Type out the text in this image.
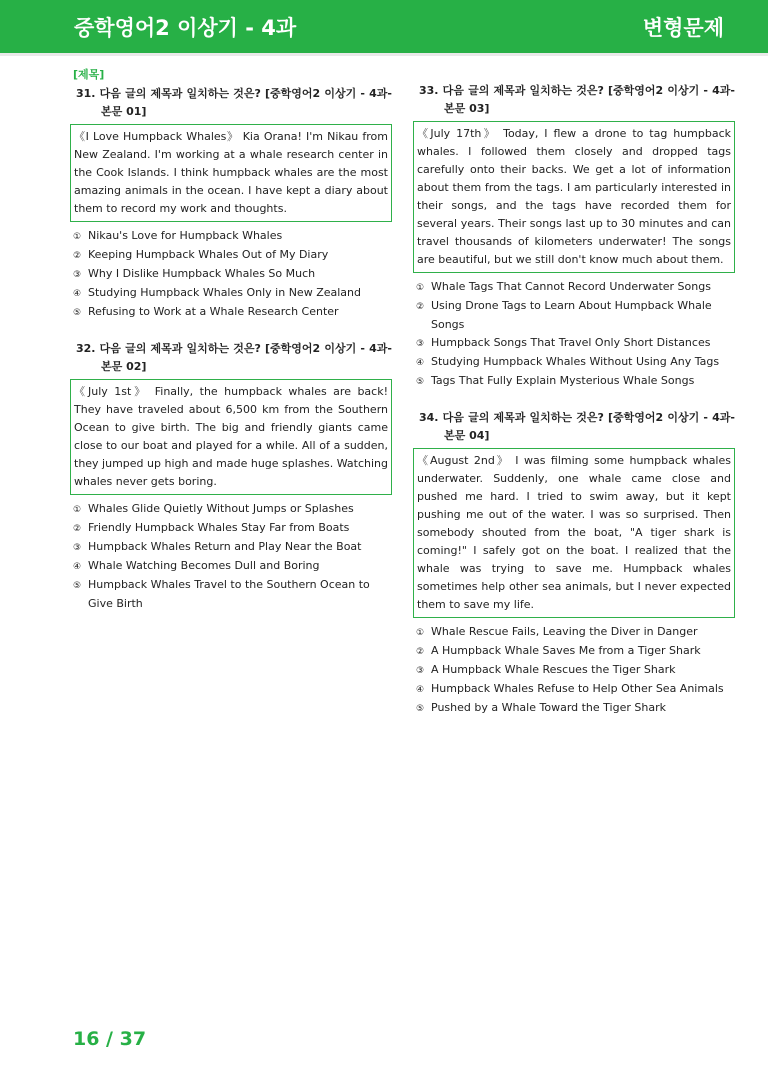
중학영어2 이상기 - 4과	변형문제
[제목]
31. 다음 글의 제목과 일치하는 것은? [중학영어2 이상기 - 4과-본문 01]
《I Love Humpback Whales》 Kia Orana! I'm Nikau from New Zealand. I'm working at a whale research center in the Cook Islands. I think humpback whales are the most amazing animals in the ocean. I have kept a diary about them to record my work and thoughts.
① Nikau's Love for Humpback Whales
② Keeping Humpback Whales Out of My Diary
③ Why I Dislike Humpback Whales So Much
④ Studying Humpback Whales Only in New Zealand
⑤ Refusing to Work at a Whale Research Center
32. 다음 글의 제목과 일치하는 것은? [중학영어2 이상기 - 4과-본문 02]
《July 1st》 Finally, the humpback whales are back! They have traveled about 6,500 km from the Southern Ocean to give birth. The big and friendly giants came close to our boat and played for a while. All of a sudden, they jumped up high and made huge splashes. Watching whales never gets boring.
① Whales Glide Quietly Without Jumps or Splashes
② Friendly Humpback Whales Stay Far from Boats
③ Humpback Whales Return and Play Near the Boat
④ Whale Watching Becomes Dull and Boring
⑤ Humpback Whales Travel to the Southern Ocean to Give Birth
33. 다음 글의 제목과 일치하는 것은? [중학영어2 이상기 - 4과-본문 03]
《July 17th》 Today, I flew a drone to tag humpback whales. I followed them closely and dropped tags carefully onto their backs. We get a lot of information about them from the tags. I am particularly interested in their songs, and the tags have recorded them for several years. Their songs last up to 30 minutes and can travel thousands of kilometers underwater! The songs are beautiful, but we still don't know much about them.
① Whale Tags That Cannot Record Underwater Songs
② Using Drone Tags to Learn About Humpback Whale Songs
③ Humpback Songs That Travel Only Short Distances
④ Studying Humpback Whales Without Using Any Tags
⑤ Tags That Fully Explain Mysterious Whale Songs
34. 다음 글의 제목과 일치하는 것은? [중학영어2 이상기 - 4과-본문 04]
《August 2nd》 I was filming some humpback whales underwater. Suddenly, one whale came close and pushed me hard. I tried to swim away, but it kept pushing me out of the water. I was so surprised. Then somebody shouted from the boat, "A tiger shark is coming!" I safely got on the boat. I realized that the whale was trying to save me. Humpback whales sometimes help other sea animals, but I never expected them to save my life.
① Whale Rescue Fails, Leaving the Diver in Danger
② A Humpback Whale Saves Me from a Tiger Shark
③ A Humpback Whale Rescues the Tiger Shark
④ Humpback Whales Refuse to Help Other Sea Animals
⑤ Pushed by a Whale Toward the Tiger Shark
16 / 37
